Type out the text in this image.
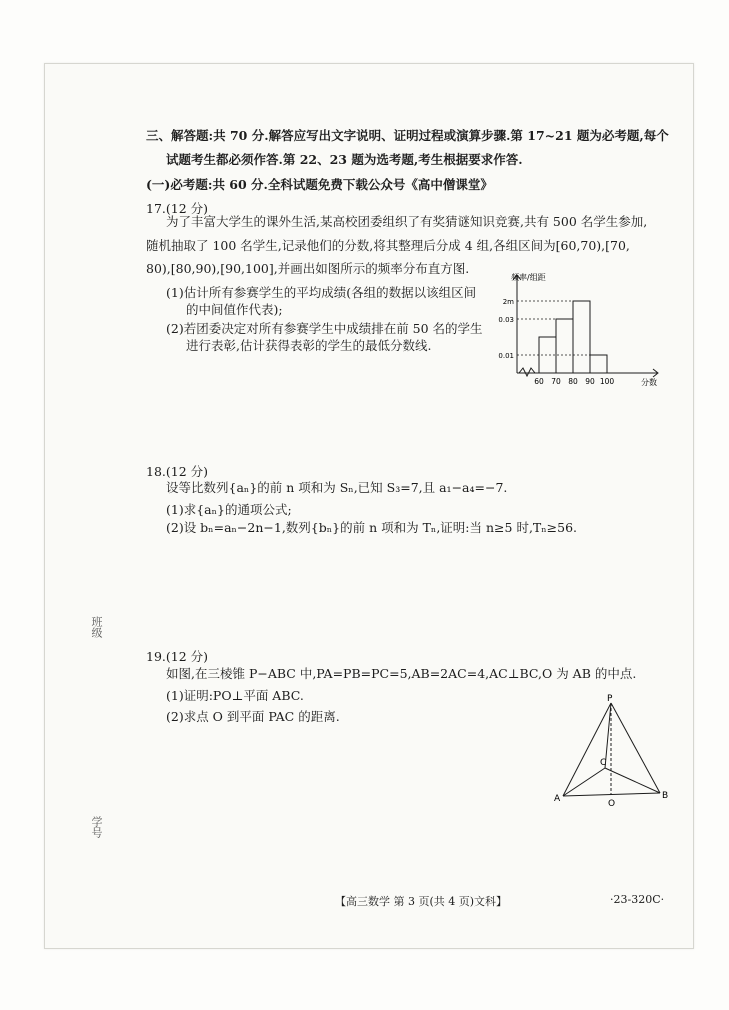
三、解答题:共 70 分.解答应写出文字说明、证明过程或演算步骤.第 17~21 题为必考题,每个
试题考生都必须作答.第 22、23 题为选考题,考生根据要求作答.
(一)必考题:共 60 分.全科试题免费下载公众号《高中僧课堂》
17.(12 分)
为了丰富大学生的课外生活,某高校团委组织了有奖猜谜知识竞赛,共有 500 名学生参加,
随机抽取了 100 名学生,记录他们的分数,将其整理后分成 4 组,各组区间为[60,70),[70,
80),[80,90),[90,100],并画出如图所示的频率分布直方图.
(1)估计所有参赛学生的平均成绩(各组的数据以该组区间
的中间值作代表);
(2)若团委决定对所有参赛学生中成绩排在前 50 名的学生
进行表彰,估计获得表彰的学生的最低分数线.
0.01
0.03
2m
60 70 80 90 100
频率/组距
分数
18.(12 分)
设等比数列{aₙ}的前 n 项和为 Sₙ,已知 S₃=7,且 a₁−a₄=−7.
(1)求{aₙ}的通项公式;
(2)设 bₙ=aₙ−2n−1,数列{bₙ}的前 n 项和为 Tₙ,证明:当 n≥5 时,Tₙ≥56.
19.(12 分)
如图,在三棱锥 P−ABC 中,PA=PB=PC=5,AB=2AC=4,AC⊥BC,O 为 AB 的中点.
(1)证明:PO⊥平面 ABC.
(2)求点 O 到平面 PAC 的距离.
P
A	B
C
O
学号
班级
【高三数学 第 3 页(共 4 页)文科】	·23-320C·
